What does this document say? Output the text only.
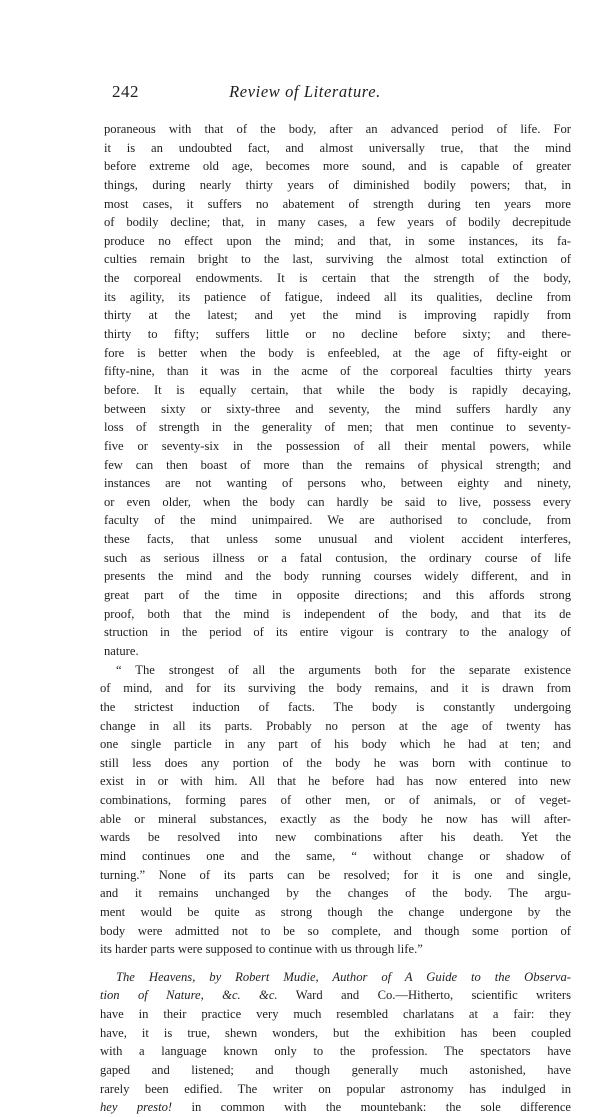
242	Review of Literature.
poraneous with that of the body, after an advanced period of life. For
it is an undoubted fact, and almost universally true, that the mind
before extreme old age, becomes more sound, and is capable of greater
things, during nearly thirty years of diminished bodily powers; that, in
most cases, it suffers no abatement of strength during ten years more
of bodily decline; that, in many cases, a few years of bodily decrepitude
produce no effect upon the mind; and that, in some instances, its fa-
culties remain bright to the last, surviving the almost total extinction of
the corporeal endowments. It is certain that the strength of the body,
its agility, its patience of fatigue, indeed all its qualities, decline from
thirty at the latest; and yet the mind is improving rapidly from
thirty to fifty; suffers little or no decline before sixty; and there-
fore is better when the body is enfeebled, at the age of fifty-eight or
fifty-nine, than it was in the acme of the corporeal faculties thirty years
before. It is equally certain, that while the body is rapidly decaying,
between sixty or sixty-three and seventy, the mind suffers hardly any
loss of strength in the generality of men; that men continue to seventy-
five or seventy-six in the possession of all their mental powers, while
few can then boast of more than the remains of physical strength; and
instances are not wanting of persons who, between eighty and ninety,
or even older, when the body can hardly be said to live, possess every
faculty of the mind unimpaired. We are authorised to conclude, from
these facts, that unless some unusual and violent accident interferes,
such as serious illness or a fatal contusion, the ordinary course of life
presents the mind and the body running courses widely different, and in
great part of the time in opposite directions; and this affords strong
proof, both that the mind is independent of the body, and that its de
struction in the period of its entire vigour is contrary to the analogy of
nature.
“ The strongest of all the arguments both for the separate existence
of mind, and for its surviving the body remains, and it is drawn from
the strictest induction of facts. The body is constantly undergoing
change in all its parts. Probably no person at the age of twenty has
one single particle in any part of his body which he had at ten; and
still less does any portion of the body he was born with continue to
exist in or with him. All that he before had has now entered into new
combinations, forming pares of other men, or of animals, or of veget-
able or mineral substances, exactly as the body he now has will after-
wards be resolved into new combinations after his death. Yet the
mind continues one and the same, “ without change or shadow of
turning.” None of its parts can be resolved; for it is one and single,
and it remains unchanged by the changes of the body. The argu-
ment would be quite as strong though the change undergone by the
body were admitted not to be so complete, and though some portion of
its harder parts were supposed to continue with us through life.”
The Heavens, by Robert Mudie, Author of A Guide to the Observa-
tion of Nature, &c. &c. Ward and Co.—Hitherto, scientific writers
have in their practice very much resembled charlatans at a fair: they
have, it is true, shewn wonders, but the exhibition has been coupled
with a language known only to the profession. The spectators have
gaped and listened; and though generally much astonished, have
rarely been edified. The writer on popular astronomy has indulged in
hey presto! in common with the mountebank: the sole difference
